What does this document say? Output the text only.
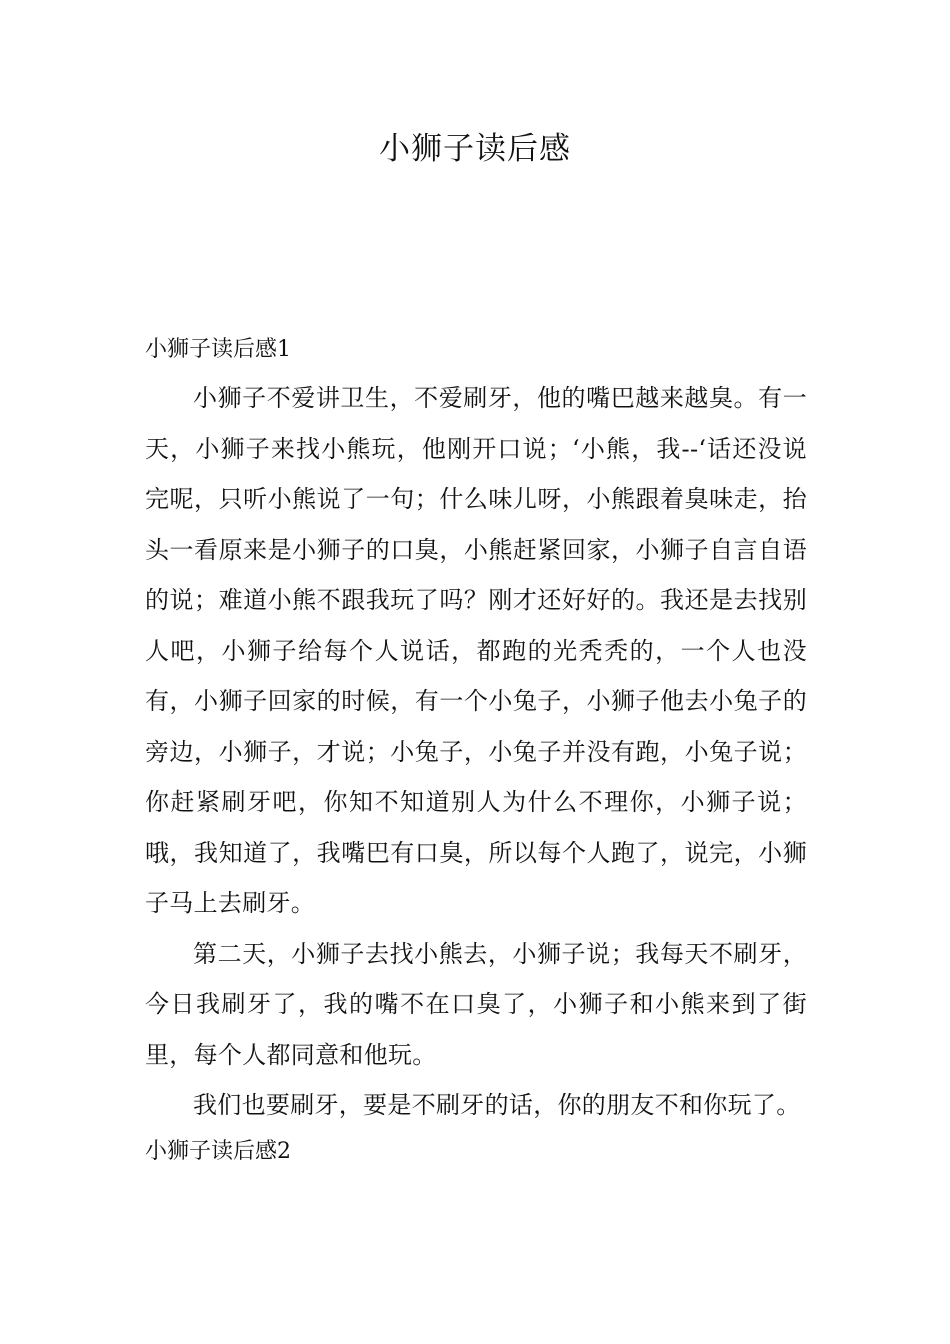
小狮子读后感

小狮子读后感1

小狮子不爱讲卫生，不爱刷牙，他的嘴巴越来越臭。有一天，小狮子来找小熊玩，他刚开口说；‘小熊，我--‘话还没说完呢，只听小熊说了一句；什么味儿呀，小熊跟着臭味走，抬头一看原来是小狮子的口臭，小熊赶紧回家，小狮子自言自语的说；难道小熊不跟我玩了吗？刚才还好好的。我还是去找别人吧，小狮子给每个人说话，都跑的光秃秃的，一个人也没有，小狮子回家的时候，有一个小兔子，小狮子他去小兔子的旁边，小狮子，才说；小兔子，小兔子并没有跑，小兔子说；你赶紧刷牙吧，你知不知道别人为什么不理你，小狮子说；哦，我知道了，我嘴巴有口臭，所以每个人跑了，说完，小狮子马上去刷牙。

第二天，小狮子去找小熊去，小狮子说；我每天不刷牙，今日我刷牙了，我的嘴不在口臭了，小狮子和小熊来到了街里，每个人都同意和他玩。

我们也要刷牙，要是不刷牙的话，你的朋友不和你玩了。

小狮子读后感2
